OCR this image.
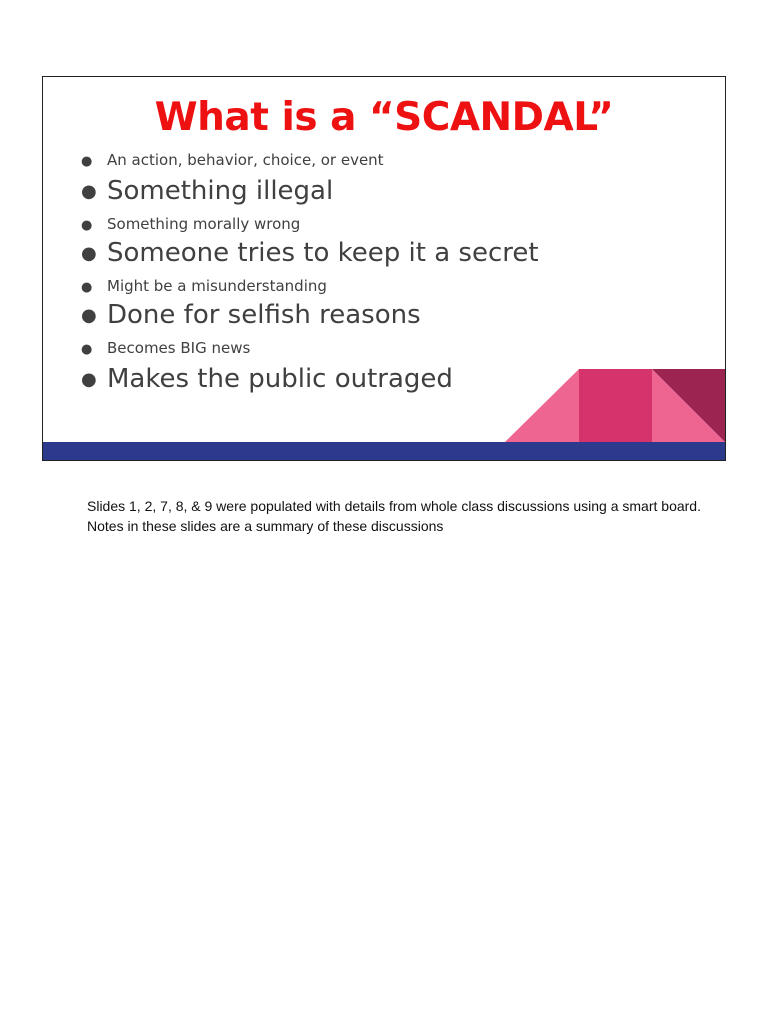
What is a “SCANDAL”
● An action, behavior, choice, or event
● Something illegal
● Something morally wrong
● Someone tries to keep it a secret
● Might be a misunderstanding
● Done for selfish reasons
● Becomes BIG news
● Makes the public outraged

Slides 1, 2, 7, 8, & 9 were populated with details from whole class discussions using a smart board. Notes in these slides are a summary of these discussions
